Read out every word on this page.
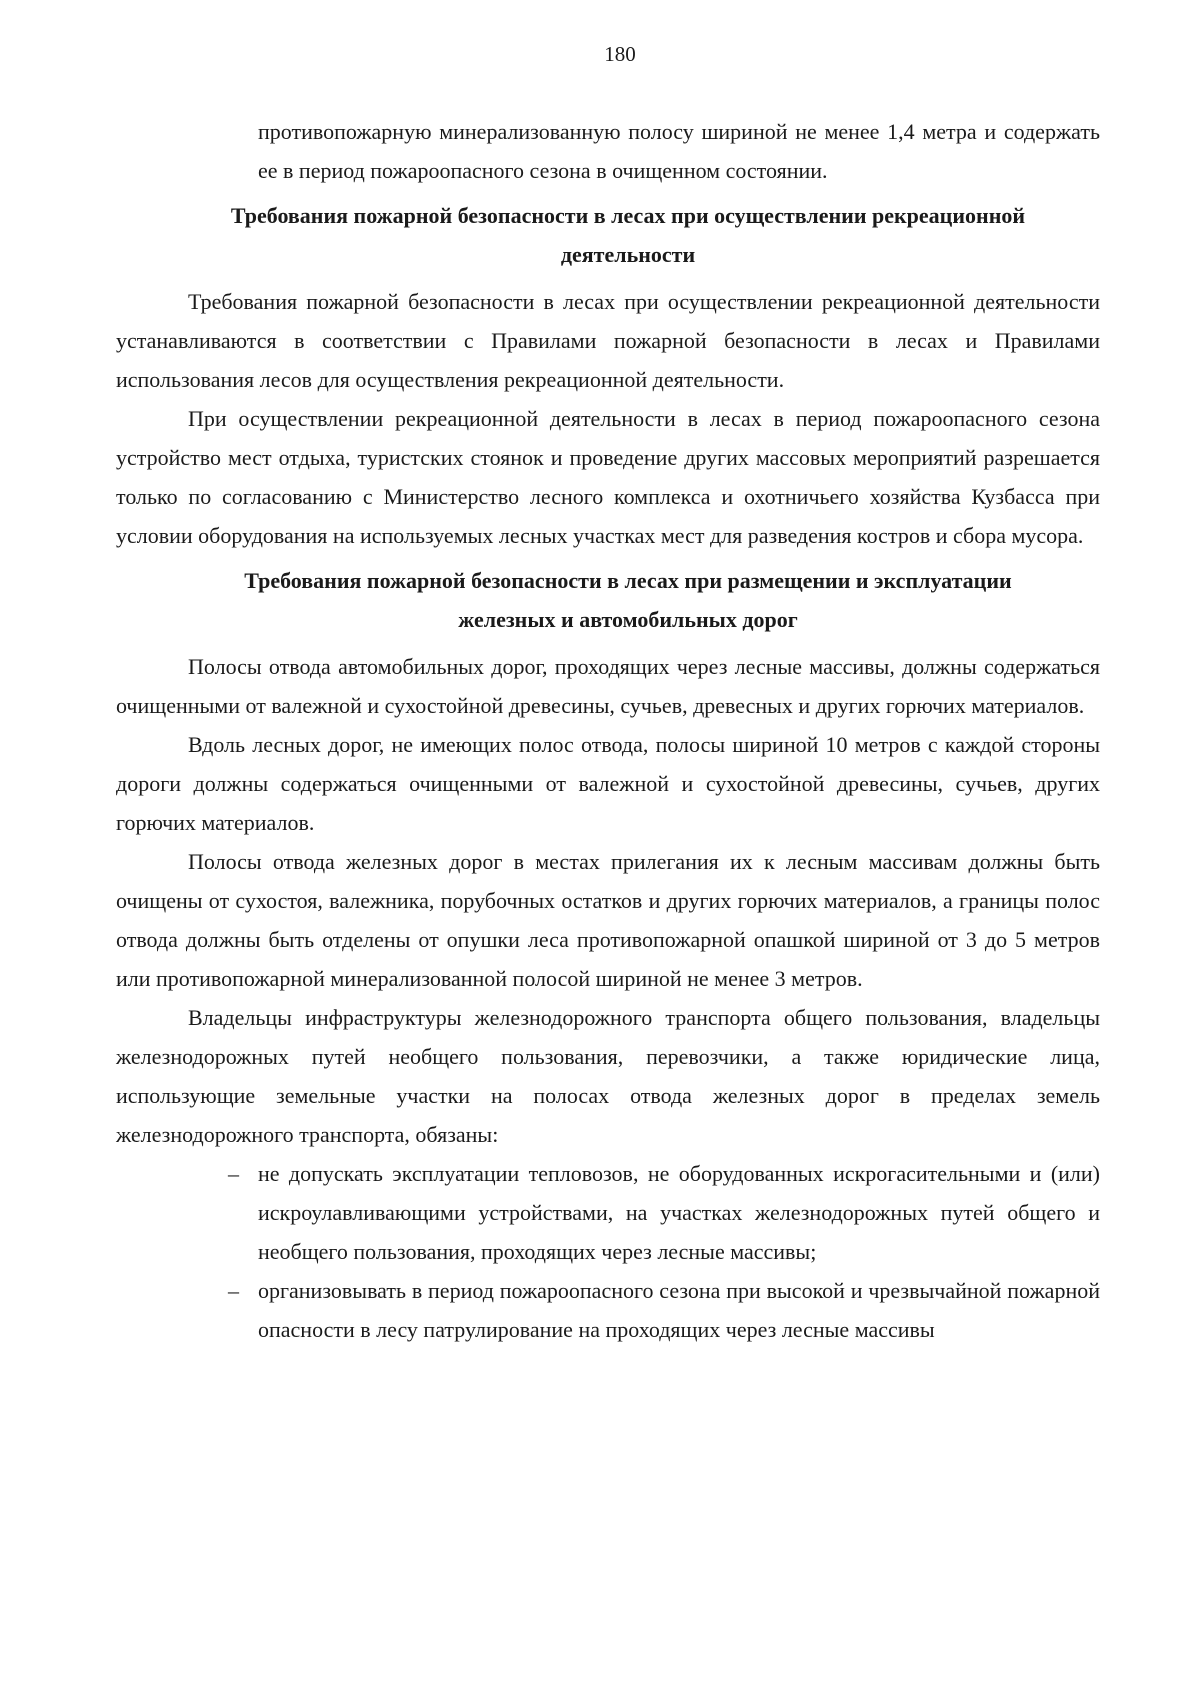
180

противопожарную минерализованную полосу шириной не менее 1,4 метра и содержать ее в период пожароопасного сезона в очищенном состоянии.

Требования пожарной безопасности в лесах при осуществлении рекреационной
деятельности

Требования пожарной безопасности в лесах при осуществлении рекреационной деятельности устанавливаются в соответствии с Правилами пожарной безопасности в лесах и Правилами использования лесов для осуществления рекреационной деятельности.

При осуществлении рекреационной деятельности в лесах в период пожароопасного сезона устройство мест отдыха, туристских стоянок и проведение других массовых мероприятий разрешается только по согласованию с Министерство лесного комплекса и охотничьего хозяйства Кузбасса при условии оборудования на используемых лесных участках мест для разведения костров и сбора мусора.

Требования пожарной безопасности в лесах при размещении и эксплуатации
железных и автомобильных дорог

Полосы отвода автомобильных дорог, проходящих через лесные массивы, должны содержаться очищенными от валежной и сухостойной древесины, сучьев, древесных и других горючих материалов.

Вдоль лесных дорог, не имеющих полос отвода, полосы шириной 10 метров с каждой стороны дороги должны содержаться очищенными от валежной и сухостойной древесины, сучьев, других горючих материалов.

Полосы отвода железных дорог в местах прилегания их к лесным массивам должны быть очищены от сухостоя, валежника, порубочных остатков и других горючих материалов, а границы полос отвода должны быть отделены от опушки леса противопожарной опашкой шириной от 3 до 5 метров или противопожарной минерализованной полосой шириной не менее 3 метров.

Владельцы инфраструктуры железнодорожного транспорта общего пользования, владельцы железнодорожных путей необщего пользования, перевозчики, а также юридические лица, использующие земельные участки на полосах отвода железных дорог в пределах земель железнодорожного транспорта, обязаны:

– не допускать эксплуатации тепловозов, не оборудованных искрогасительными и (или) искроулавливающими устройствами, на участках железнодорожных путей общего и необщего пользования, проходящих через лесные массивы;
– организовывать в период пожароопасного сезона при высокой и чрезвычайной пожарной опасности в лесу патрулирование на проходящих через лесные массивы
